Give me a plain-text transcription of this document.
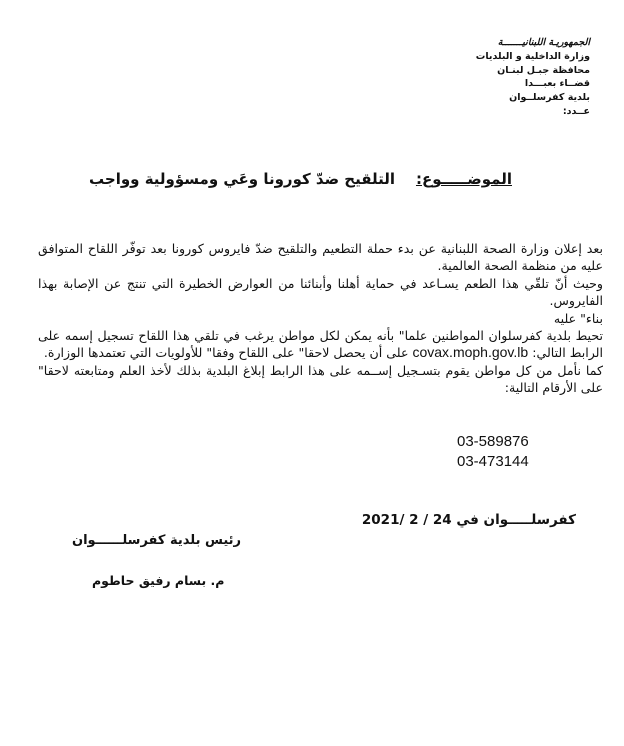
الجمهوريـة اللبنانيـــــــة
وزارة الداخلية و البلديات
محافظة جبـل لبنـان
قضــاء بعبـــدا
بلدية كفرسلــوان
عــدد:
الموضـــــوع:    التلقيح ضدّ كورونا وعَي ومسؤولية وواجب

بعد إعلان وزارة الصحة اللبنانية عن بدء حملة التطعيم والتلقيح ضدّ فايروس كورونا بعد توفّر اللقاح المتوافق عليه من منظمة الصحة العالمية.

وحيث أنّ تلقّي هذا الطعم يسـاعد في حماية أهلنا وأبنائنا من العوارض الخطيرة التي تنتج عن الإصابة بهذا الفايروس.

بناء" عليه

تحيط بلدية كفرسلوان المواطنين علما" بأنه يمكن لكل مواطن يرغب في تلقي هذا اللقاح تسجيل إسمه على الرابط التالي: covax.moph.gov.lb على أن يحصل لاحقا" على اللقاح وفقا" للأولويات التي تعتمدها الوزارة.

كما نأمل من كل مواطن يقوم بتسـجيل إســمه على هذا الرابط إبلاغ البلدية بذلك لأخذ العلم ومتابعته لاحقا" على الأرقام التالية:

03-589876
03-473144
كفرسلـــــوان في 24 / 2 /2021
رئيس بلدية كفرسلــــــوان
م. بسام رفيق حاطوم
